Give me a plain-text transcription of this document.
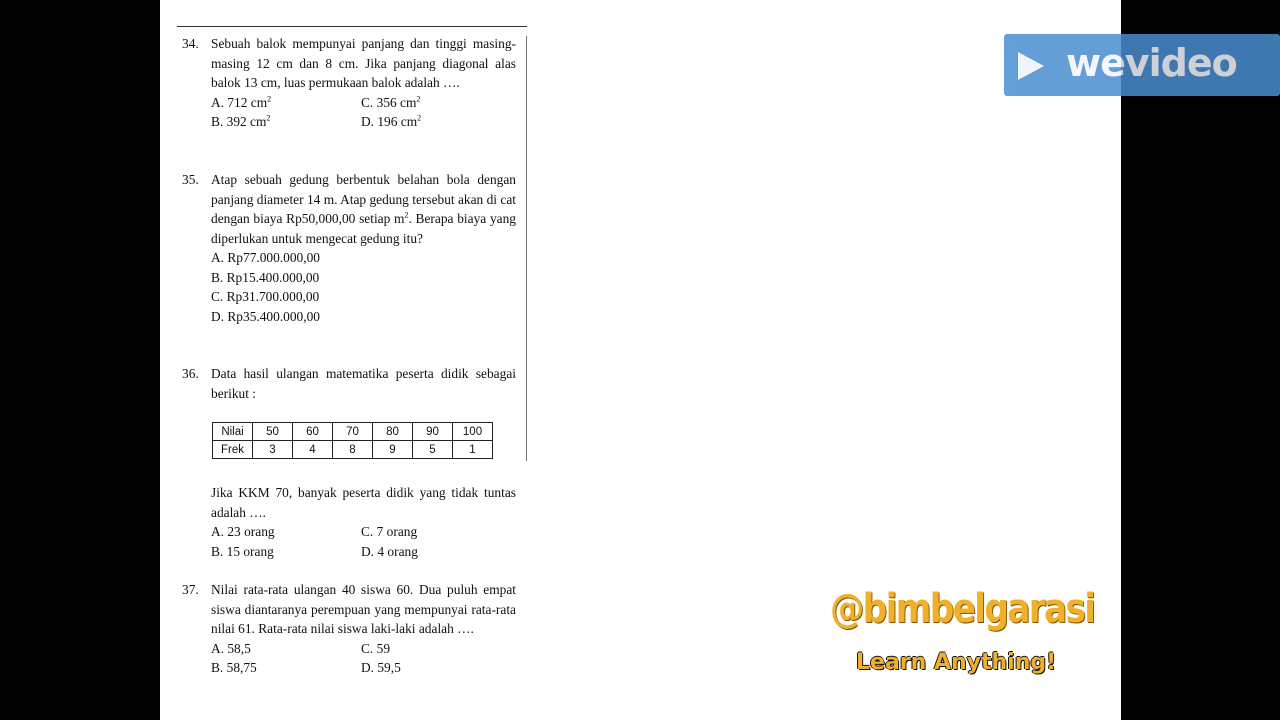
34. Sebuah balok mempunyai panjang dan tinggi masing-masing 12 cm dan 8 cm. Jika panjang diagonal alas balok 13 cm, luas permukaan balok adalah ….
A. 712 $cm^2$	C. 356 $cm^2$
B. 392 $cm^2$	D. 196 $cm^2$
35. Atap sebuah gedung berbentuk belahan bola dengan panjang diameter 14 m. Atap gedung tersebut akan di cat dengan biaya Rp50,000,00 setiap $m^2$. Berapa biaya yang diperlukan untuk mengecat gedung itu?
A. Rp77.000.000,00
B. Rp15.400.000,00
C. Rp31.700.000,00
D. Rp35.400.000,00
36. Data hasil ulangan matematika peserta didik sebagai berikut :
Nilai	50	60	70	80	90	100
Frek	3	4	8	9	5	1
Jika KKM 70, banyak peserta didik yang tidak tuntas adalah ….
A. 23 orang	C. 7 orang
B. 15 orang	D. 4 orang
37. Nilai rata-rata ulangan 40 siswa 60. Dua puluh empat siswa diantaranya perempuan yang mempunyai rata-rata nilai 61. Rata-rata nilai siswa laki-laki adalah ….
A. 58,5	C. 59
B. 58,75	D. 59,5
wevideo
@bimbelgarasi
Learn Anything!
